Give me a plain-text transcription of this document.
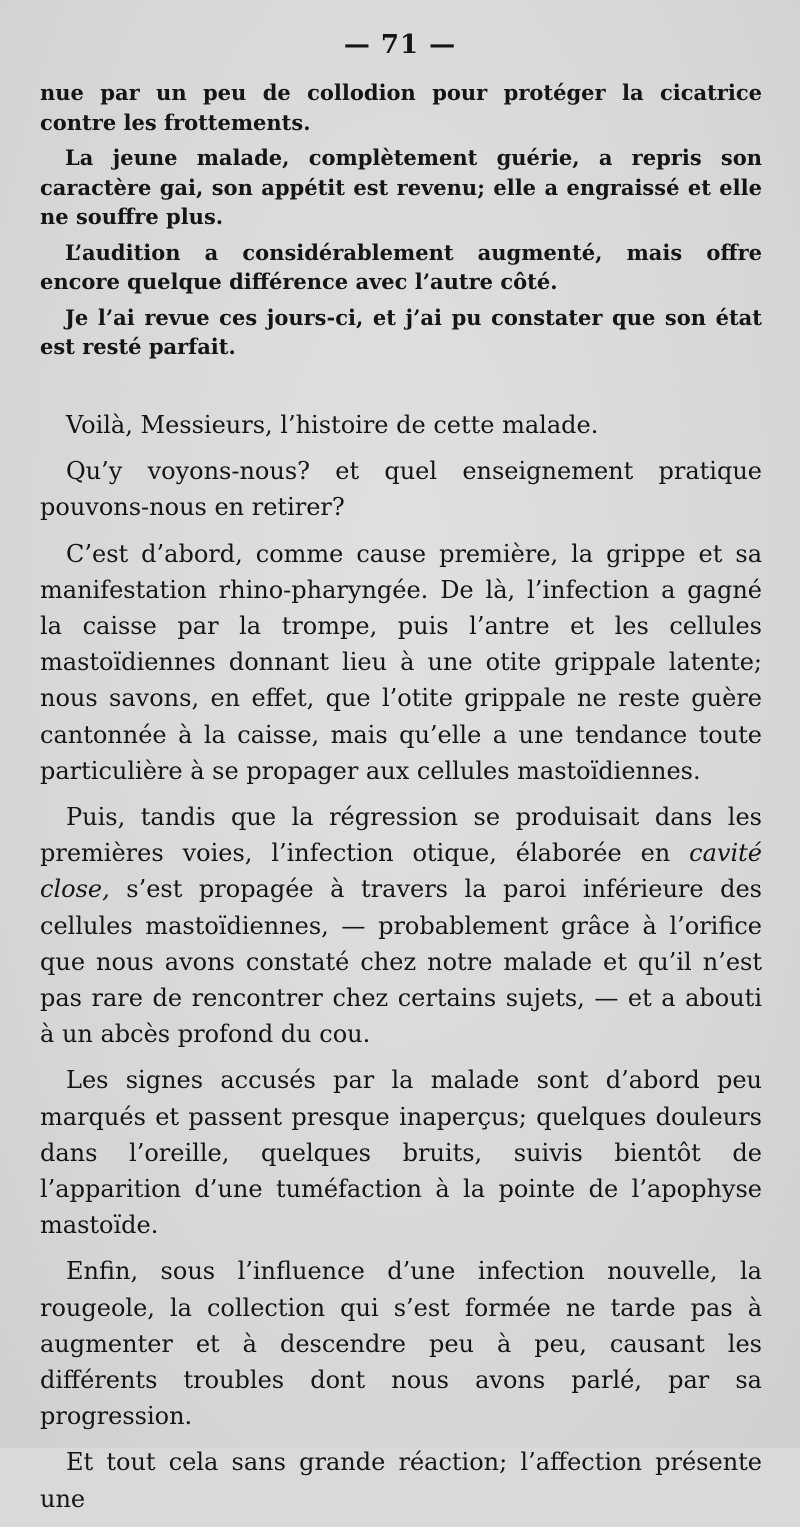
— 71 —

nue par un peu de collodion pour protéger la cicatrice contre les frottements.

La jeune malade, complètement guérie, a repris son caractère gai, son appétit est revenu; elle a engraissé et elle ne souffre plus.

L’audition a considérablement augmenté, mais offre encore quelque différence avec l’autre côté.

Je l’ai revue ces jours-ci, et j’ai pu constater que son état est resté parfait.

Voilà, Messieurs, l’histoire de cette malade.

Qu’y voyons-nous? et quel enseignement pratique pouvons-nous en retirer?

C’est d’abord, comme cause première, la grippe et sa manifestation rhino-pharyngée. De là, l’infection a gagné la caisse par la trompe, puis l’antre et les cellules mastoïdiennes donnant lieu à une otite grippale latente; nous savons, en effet, que l’otite grippale ne reste guère cantonnée à la caisse, mais qu’elle a une tendance toute particulière à se propager aux cellules mastoïdiennes.

Puis, tandis que la régression se produisait dans les premières voies, l’infection otique, élaborée en cavité close, s’est propagée à travers la paroi inférieure des cellules mastoïdiennes, — probablement grâce à l’orifice que nous avons constaté chez notre malade et qu’il n’est pas rare de rencontrer chez certains sujets, — et a abouti à un abcès profond du cou.

Les signes accusés par la malade sont d’abord peu marqués et passent presque inaperçus; quelques douleurs dans l’oreille, quelques bruits, suivis bientôt de l’apparition d’une tuméfaction à la pointe de l’apophyse mastoïde.

Enfin, sous l’influence d’une infection nouvelle, la rougeole, la collection qui s’est formée ne tarde pas à augmenter et à descendre peu à peu, causant les différents troubles dont nous avons parlé, par sa progression.

Et tout cela sans grande réaction; l’affection présente une
